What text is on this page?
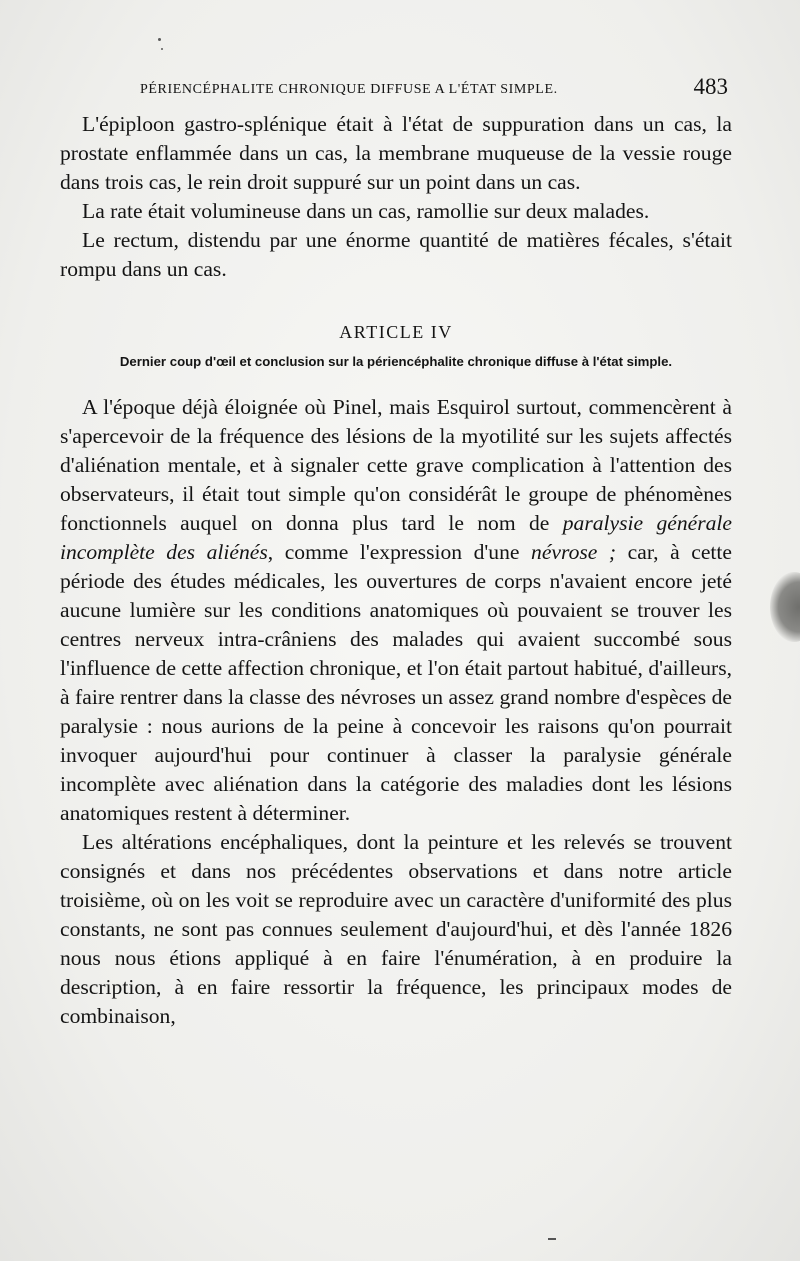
PÉRIENCÉPHALITE CHRONIQUE DIFFUSE A L'ÉTAT SIMPLE.	483

L'épiploon gastro-splénique était à l'état de suppuration dans un cas, la prostate enflammée dans un cas, la membrane muqueuse de la vessie rouge dans trois cas, le rein droit suppuré sur un point dans un cas.

La rate était volumineuse dans un cas, ramollie sur deux malades.

Le rectum, distendu par une énorme quantité de matières fécales, s'était rompu dans un cas.

ARTICLE IV

Dernier coup d'œil et conclusion sur la périencéphalite chronique diffuse à l'état simple.

A l'époque déjà éloignée où Pinel, mais Esquirol surtout, commencèrent à s'apercevoir de la fréquence des lésions de la myotilité sur les sujets affectés d'aliénation mentale, et à signaler cette grave complication à l'attention des observateurs, il était tout simple qu'on considérât le groupe de phénomènes fonctionnels auquel on donna plus tard le nom de paralysie générale incomplète des aliénés, comme l'expression d'une névrose ; car, à cette période des études médicales, les ouvertures de corps n'avaient encore jeté aucune lumière sur les conditions anatomiques où pouvaient se trouver les centres nerveux intra-crâniens des malades qui avaient succombé sous l'influence de cette affection chronique, et l'on était partout habitué, d'ailleurs, à faire rentrer dans la classe des névroses un assez grand nombre d'espèces de paralysie : nous aurions de la peine à concevoir les raisons qu'on pourrait invoquer aujourd'hui pour continuer à classer la paralysie générale incomplète avec aliénation dans la catégorie des maladies dont les lésions anatomiques restent à déterminer.

Les altérations encéphaliques, dont la peinture et les relevés se trouvent consignés et dans nos précédentes observations et dans notre article troisième, où on les voit se reproduire avec un caractère d'uniformité des plus constants, ne sont pas connues seulement d'aujourd'hui, et dès l'année 1826 nous nous étions appliqué à en faire l'énumération, à en produire la description, à en faire ressortir la fréquence, les principaux modes de combinaison,
